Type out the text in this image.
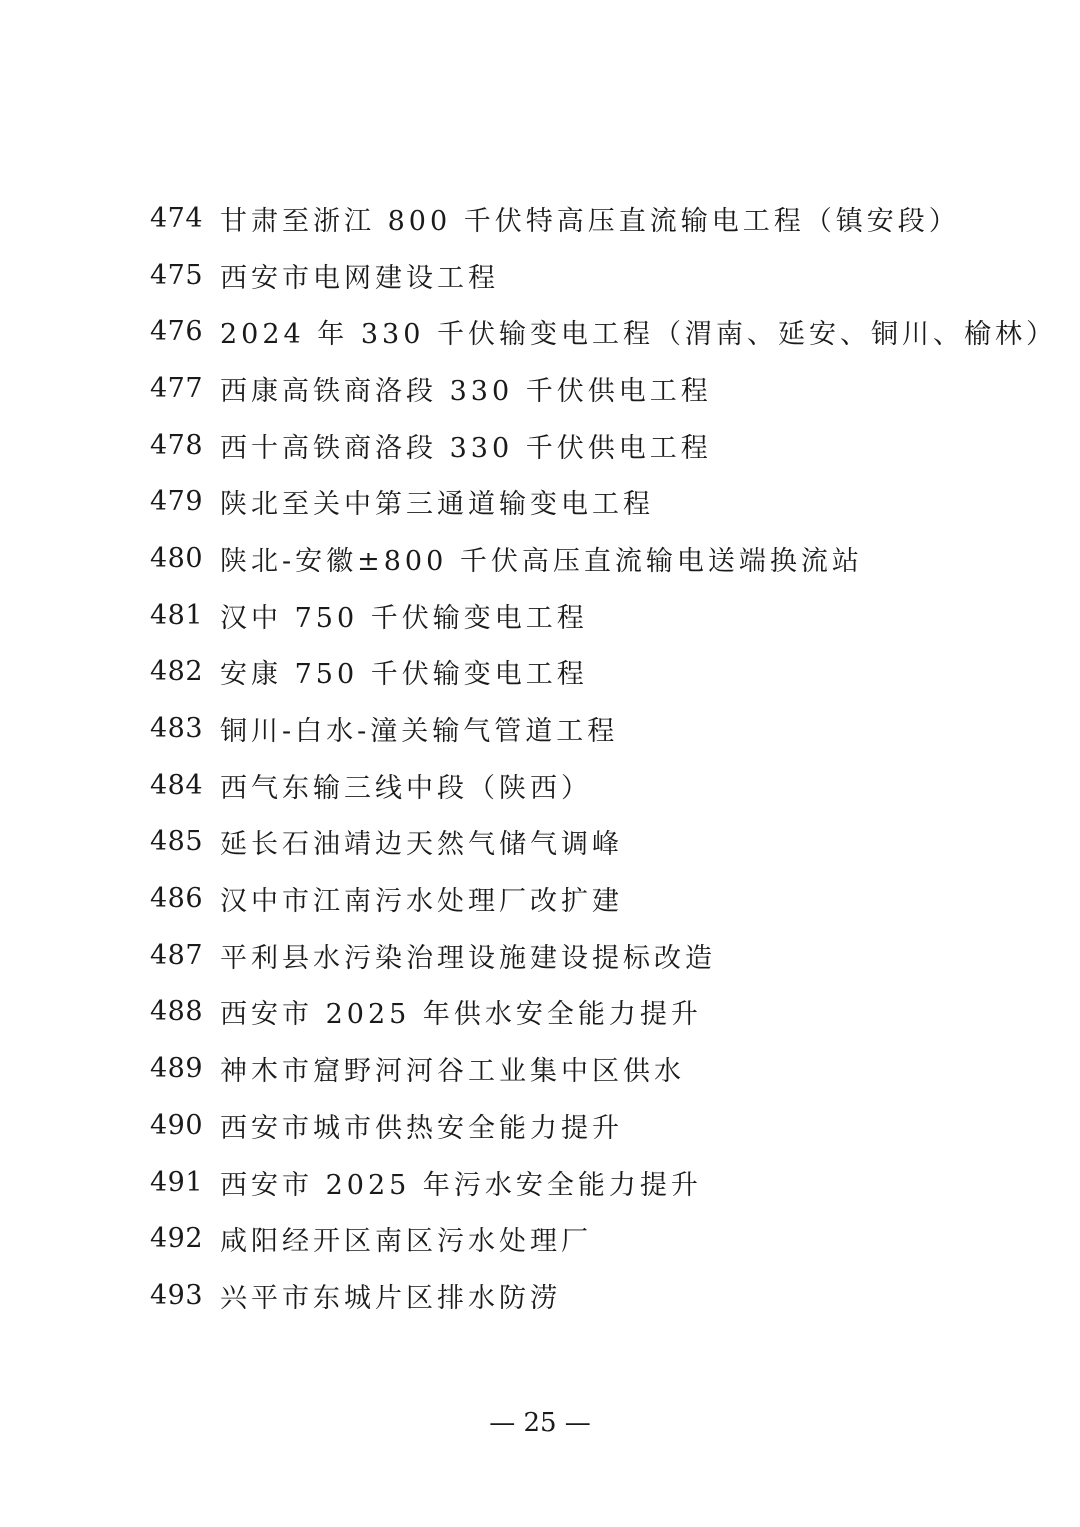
474 甘肃至浙江 800 千伏特高压直流输电工程（镇安段）
475 西安市电网建设工程
476 2024 年 330 千伏输变电工程（渭南、延安、铜川、榆林）
477 西康高铁商洛段 330 千伏供电工程
478 西十高铁商洛段 330 千伏供电工程
479 陕北至关中第三通道输变电工程
480 陕北-安徽±800 千伏高压直流输电送端换流站
481 汉中 750 千伏输变电工程
482 安康 750 千伏输变电工程
483 铜川-白水-潼关输气管道工程
484 西气东输三线中段（陕西）
485 延长石油靖边天然气储气调峰
486 汉中市江南污水处理厂改扩建
487 平利县水污染治理设施建设提标改造
488 西安市 2025 年供水安全能力提升
489 神木市窟野河河谷工业集中区供水
490 西安市城市供热安全能力提升
491 西安市 2025 年污水安全能力提升
492 咸阳经开区南区污水处理厂
493 兴平市东城片区排水防涝
— 25 —
